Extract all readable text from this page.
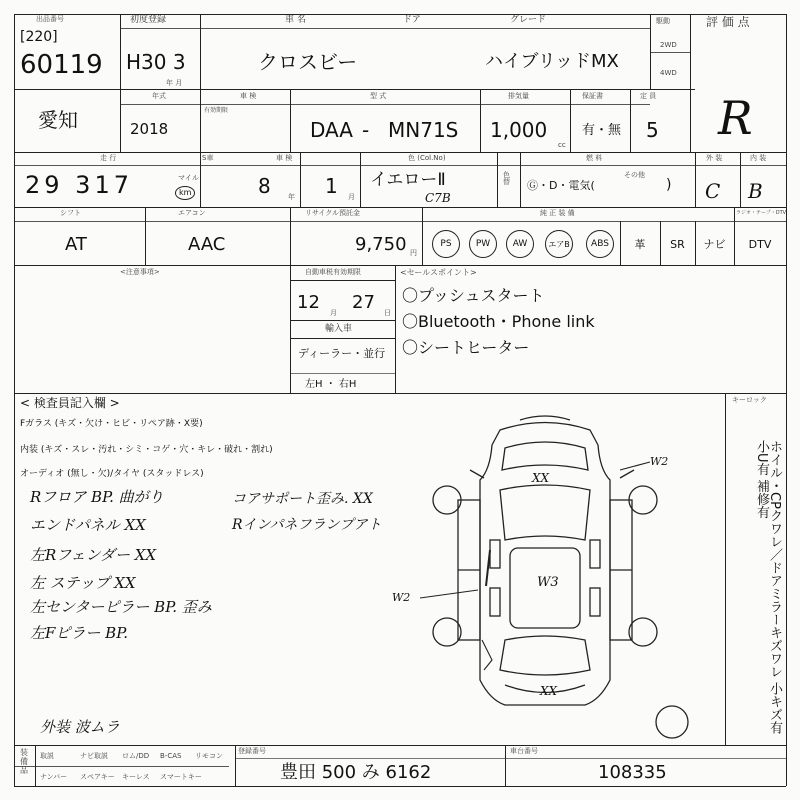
出品番号
[220]
60119
初度登録
H30 3
年 月
車 名	ドア	グレード
クロスビー	ハイブリッドMX
駆動
2WD
4WD
評 価 点
R
愛知
年式
2018
車 検
有効期限
型 式
DAA - MN71S
排気量
1,000
cc
保証書
有・無
定 員
5
走 行
29 317	マイル
km
S車	車 検
8 年 1 月
色 (Col.No)
イエローⅡ
C7B
色替
燃 料
Ⓖ・D・電気(
その他
)
外 装
C
内 装
B
シフト
AT
エアコン
AAC
リサイクル預託金
9,750 円
純 正 装 備	ラジオ・テープ・DTV
PS	PW	AW	エアB	ABS	革	SR	ナビ	DTV
<注意事項>	自動車税有効期限
12 月 27 日
輸入車
ディーラー・並行
左H ・ 右H
<セールスポイント>
〇プッシュスタート
〇Bluetooth・Phone link
〇シートヒーター
< 検査員記入欄 >
Fガラス (キズ・欠け・ヒビ・リペア跡・X要)
内装 (キズ・スレ・汚れ・シミ・コゲ・穴・キレ・破れ・割れ)
オーディオ (無し・欠)/タイヤ (スタッドレス)
Rフロア BP. 曲がり
エンドパネル XX
左Rフェンダー XX
左 ステップ XX
左センターピラー BP. 歪み
左Fピラー BP.
コアサポート歪み. XX
Rインパネフランプアト
外装 波ムラ
キーロック
ホイル・CPクワレ／ドアミラーキズワレ 小キズ有 小U有 補修有
XX
W2
W3
W2
XX
装備品
取説	ナビ取説 ロム/DD B-CAS リモコン
ナンバー スペアキー キーレス スマートキー
登録番号
豊田 500 み 6162
車台番号
108335
